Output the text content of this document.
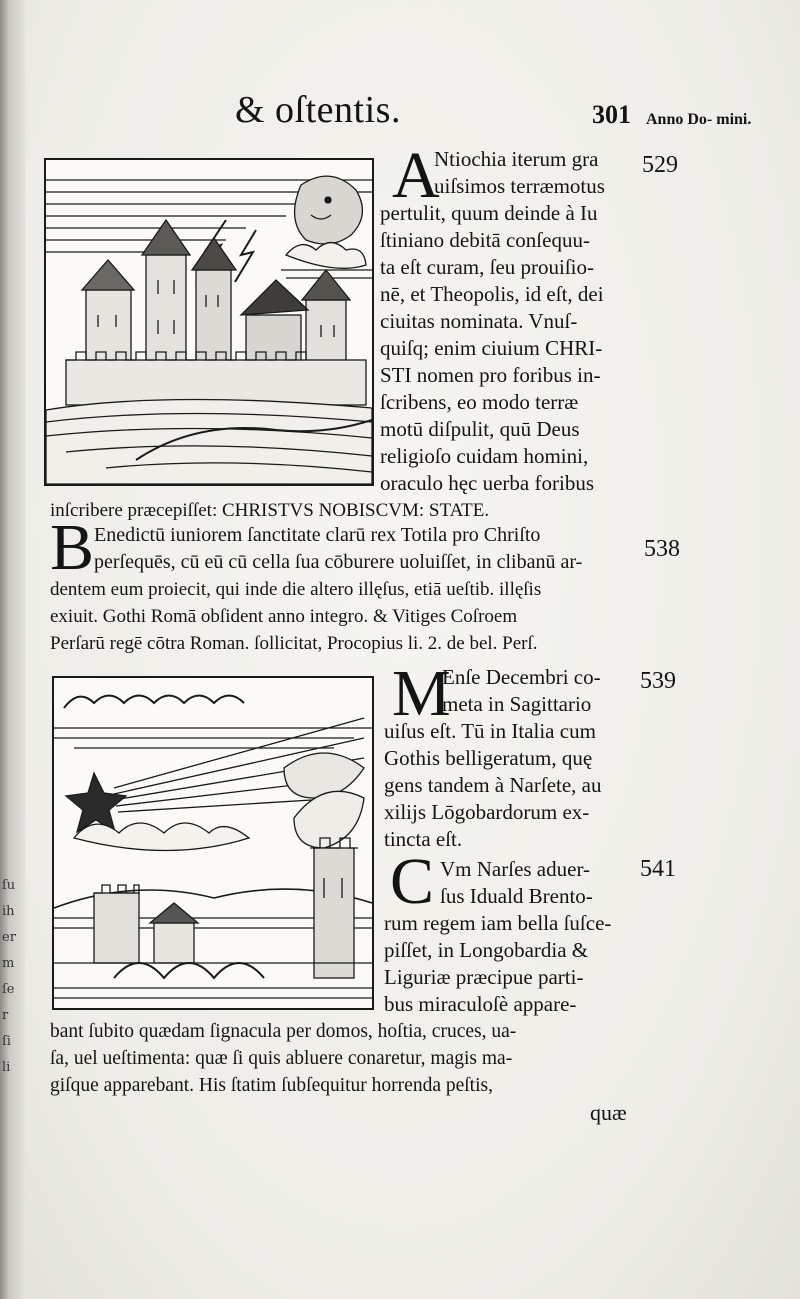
ſu
ih
er
m
ſe
r
ſi
li
& oſtentis.	301 Anno Do- mini.
529
538
539
541
A
Ntiochia iterum gra
uiſsimos terræmotus
pertulit, quum deinde à Iu
ſtiniano debitā conſequu-
ta eſt curam, ſeu prouiſio-
nē, et Theopolis, id eſt, dei
ciuitas nominata. Vnuſ-
quiſq; enim ciuium CHRI-
STI nomen pro foribus in-
ſcribens, eo modo terræ
motū diſpulit, quū Deus
religioſo cuidam homini,
oraculo hęc uerba foribus
inſcribere præcepiſſet: CHRISTVS NOBISCVM: STATE.
B Enedictū iuniorem ſanctitate clarū rex Totila pro Chriſto
perſequēs, cū eū cū cella ſua cōburere uoluiſſet, in clibanū ar-
dentem eum proiecit, qui inde die altero illęſus, etiā ueſtib. illęſis
exiuit. Gothi Romā obſident anno integro. & Vitiges Coſroem
Perſarū regē cōtra Roman. ſollicitat, Procopius li. 2. de bel. Perſ.
M
Enſe Decembri co-
meta in Sagittario
uiſus eſt. Tū in Italia cum
Gothis belligeratum, quę
gens tandem à Narſete, au
xilijs Lōgobardorum ex-
tincta eſt.
C Vm Narſes aduer-
ſus Iduald Brento-
rum regem iam bella ſuſce-
piſſet, in Longobardia &
Liguriæ præcipue parti-
bus miraculoſè appare-
bant ſubito quædam ſignacula per domos, hoſtia, cruces, ua-
ſa, uel ueſtimenta: quæ ſi quis abluere conaretur, magis ma-
giſque apparebant. His ſtatim ſubſequitur horrenda peſtis,
quæ
